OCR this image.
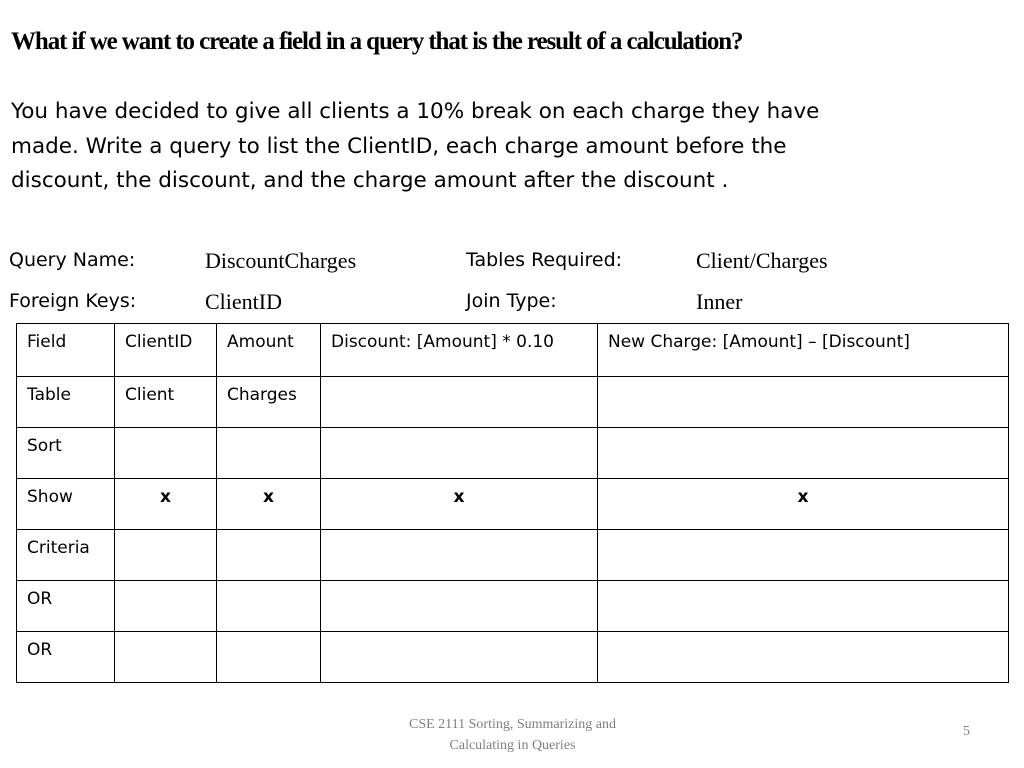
What if we want to create a field in a query that is the result of a calculation?
You have decided to give all clients a 10% break on each charge they have
made. Write a query to list the ClientID, each charge amount before the
discount, the discount, and the charge amount after the discount .
Query Name:	DiscountCharges	Tables Required:	Client/Charges
Foreign Keys:	ClientID	Join Type:	Inner
Field	ClientID	Amount	Discount: [Amount] * 0.10	New Charge: [Amount] – [Discount]
Table	Client	Charges		
Sort				
Show	x	x	x	x
Criteria				
OR				
OR				
CSE 2111 Sorting, Summarizing and
Calculating in Queries
5
